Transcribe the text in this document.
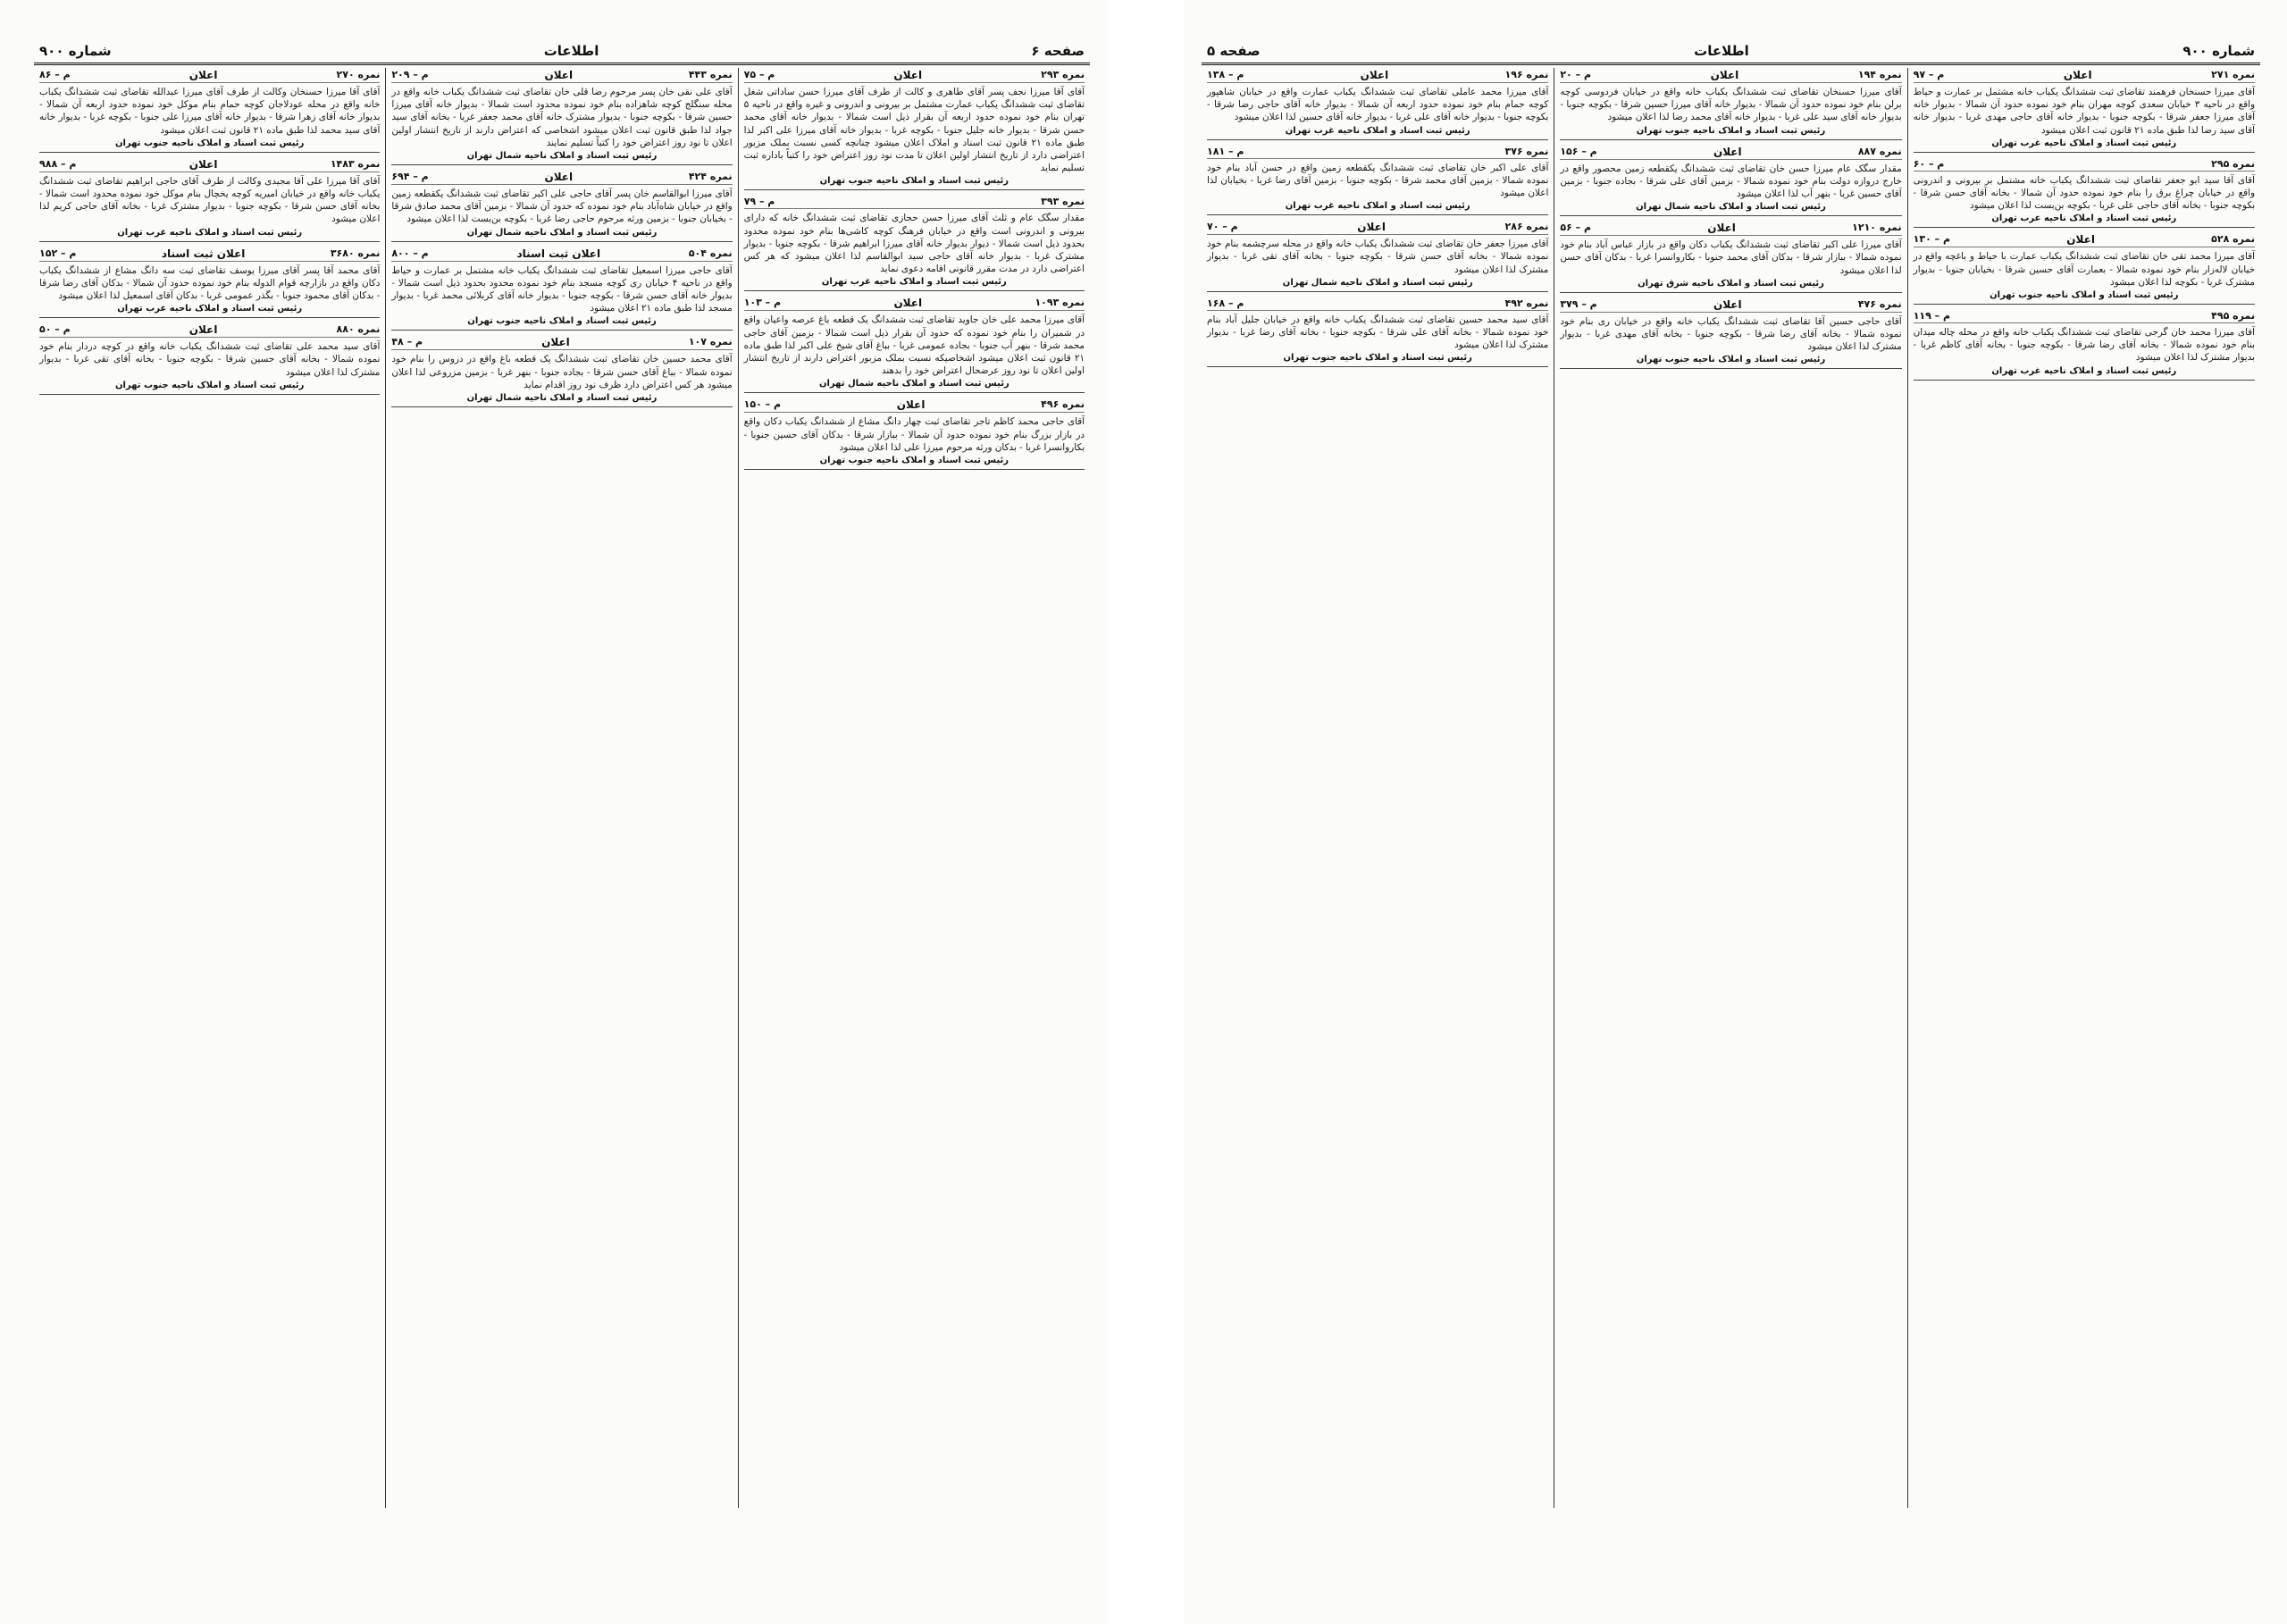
صفحه ۶
اطلاعات
شماره ۹۰۰
نمره ۲۹۳
اعلان
م – ۷۵
آقای آقا میرزا نجف پسر آقای طاهری و کالت از طرف آقای میرزا حسن ساداتی شغل تقاضای ثبت ششدانگ یکباب عمارت مشتمل بر بیرونی و اندرونی و غیره واقع در ناحیه ۵ تهران بنام خود نموده حدود اربعه آن بقرار ذیل است شمالا - بدیوار خانه آقای محمد حسن شرقا - بدیوار خانه جلیل جنوبا - بکوچه غربا - بدیوار خانه آقای میرزا علی اکبر لذا طبق ماده ۲۱ قانون ثبت اسناد و املاک اعلان میشود چنانچه کسی نسبت بملک مزبور اعتراضی دارد از تاریخ انتشار اولین اعلان تا مدت نود روز اعتراض خود را کتباً باداره ثبت تسلیم نماید
رئیس ثبت اسناد و املاک ناحیه جنوب تهران
نمره ۳۹۳
م – ۷۹
مقدار سگک عام و ثلث آقای میرزا حسن حجازی تقاضای ثبت ششدانگ خانه که دارای بیرونی و اندرونی است واقع در خیابان فرهنگ کوچه کاشی‌ها بنام خود نموده محدود بحدود ذیل است شمالا - دیوار بدیوار خانه آقای میرزا ابراهیم شرقا - بکوچه جنوبا - بدیوار مشترک غربا - بدیوار خانه آقای حاجی سید ابوالقاسم لذا اعلان میشود که هر کس اعتراضی دارد در مدت مقرر قانونی اقامه دعوی نماید
رئیس ثبت اسناد و املاک ناحیه غرب تهران
نمره ۱۰۹۳
اعلان
م – ۱۰۳
آقای میرزا محمد علی خان جاوید تقاضای ثبت ششدانگ یک قطعه باغ عرصه واعیان واقع در شمیران را بنام خود نموده که حدود آن بقرار ذیل است شمالا - بزمین آقای حاجی محمد شرقا - بنهر آب جنوبا - بجاده عمومی غربا - بباغ آقای شیخ علی اکبر لذا طبق ماده ۲۱ قانون ثبت اعلان میشود اشخاصیکه نسبت بملک مزبور اعتراض دارند از تاریخ انتشار اولین اعلان تا نود روز عرضحال اعتراض خود را بدهند
رئیس ثبت اسناد و املاک ناحیه شمال تهران
نمره ۴۹۶
اعلان
م – ۱۵۰
آقای حاجی محمد کاظم تاجر تقاضای ثبت چهار دانگ مشاع از ششدانگ یکباب دکان واقع در بازار بزرگ بنام خود نموده حدود آن شمالا - ببازار شرقا - بدکان آقای حسین جنوبا - بکاروانسرا غربا - بدکان ورثه مرحوم میرزا علی لذا اعلان میشود
رئیس ثبت اسناد و املاک ناحیه جنوب تهران
نمره ۴۴۳
اعلان
م – ۲۰۹
آقای علی نقی خان پسر مرحوم رضا قلی خان تقاضای ثبت ششدانگ یکباب خانه واقع در محله سنگلج کوچه شاهزاده بنام خود نموده محدود است شمالا - بدیوار خانه آقای میرزا حسین شرقا - بکوچه جنوبا - بدیوار مشترک خانه آقای محمد جعفر غربا - بخانه آقای سید جواد لذا طبق قانون ثبت اعلان میشود اشخاصی که اعتراض دارند از تاریخ انتشار اولین اعلان تا نود روز اعتراض خود را کتباً تسلیم نمایند
رئیس ثبت اسناد و املاک ناحیه شمال تهران
نمره ۴۲۴
اعلان
م – ۶۹۴
آقای میرزا ابوالقاسم خان پسر آقای حاجی علی اکبر تقاضای ثبت ششدانگ یکقطعه زمین واقع در خیابان شاه‌آباد بنام خود نموده که حدود آن شمالا - بزمین آقای محمد صادق شرقا - بخیابان جنوبا - بزمین ورثه مرحوم حاجی رضا غربا - بکوچه بن‌بست لذا اعلان میشود
رئیس ثبت اسناد و املاک ناحیه شمال تهران
نمره ۵۰۴
اعلان ثبت اسناد
م – ۸۰۰
آقای حاجی میرزا اسمعیل تقاضای ثبت ششدانگ یکباب خانه مشتمل بر عمارت و حیاط واقع در ناحیه ۴ خیابان ری کوچه مسجد بنام خود نموده محدود بحدود ذیل است شمالا - بدیوار خانه آقای حسن شرقا - بکوچه جنوبا - بدیوار خانه آقای کربلائی محمد غربا - بدیوار مسجد لذا طبق ماده ۲۱ اعلان میشود
رئیس ثبت اسناد و املاک ناحیه جنوب تهران
نمره ۱۰۷
اعلان
م – ۴۸
آقای محمد حسین خان تقاضای ثبت ششدانگ یک قطعه باغ واقع در دروس را بنام خود نموده شمالا - بباغ آقای حسن شرقا - بجاده جنوبا - بنهر غربا - بزمین مزروعی لذا اعلان میشود هر کس اعتراض دارد ظرف نود روز اقدام نماید
رئیس ثبت اسناد و املاک ناحیه شمال تهران
نمره ۲۷۰
اعلان
م – ۸۶
آقای آقا میرزا حسنخان وکالت از طرف آقای میرزا عبدالله تقاضای ثبت ششدانگ یکباب خانه واقع در محله عودلاجان کوچه حمام بنام موکل خود نموده حدود اربعه آن شمالا - بدیوار خانه آقای زهرا شرقا - بدیوار خانه آقای میرزا علی جنوبا - بکوچه غربا - بدیوار خانه آقای سید محمد لذا طبق ماده ۲۱ قانون ثبت اعلان میشود
رئیس ثبت اسناد و املاک ناحیه جنوب تهران
نمره ۱۴۸۳
اعلان
م – ۹۸۸
آقای آقا میرزا علی آقا مجیدی وکالت از طرف آقای حاجی ابراهیم تقاضای ثبت ششدانگ یکباب خانه واقع در خیابان امیریه کوچه یخچال بنام موکل خود نموده محدود است شمالا - بخانه آقای حسن شرقا - بکوچه جنوبا - بدیوار مشترک غربا - بخانه آقای حاجی کریم لذا اعلان میشود
رئیس ثبت اسناد و املاک ناحیه غرب تهران
نمره ۳۶۸۰
اعلان ثبت اسناد
م – ۱۵۲
آقای محمد آقا پسر آقای میرزا یوسف تقاضای ثبت سه دانگ مشاع از ششدانگ یکباب دکان واقع در بازارچه قوام الدوله بنام خود نموده حدود آن شمالا - بدکان آقای رضا شرقا - بدکان آقای محمود جنوبا - بگذر عمومی غربا - بدکان آقای اسمعیل لذا اعلان میشود
رئیس ثبت اسناد و املاک ناحیه عرب تهران
نمره ۸۸۰
اعلان
م – ۵۰
آقای سید محمد علی تقاضای ثبت ششدانگ یکباب خانه واقع در کوچه دردار بنام خود نموده شمالا - بخانه آقای حسین شرقا - بکوچه جنوبا - بخانه آقای تقی غربا - بدیوار مشترک لذا اعلان میشود
رئیس ثبت اسناد و املاک ناحیه جنوب تهران
شماره ۹۰۰
اطلاعات
صفحه ۵
نمره ۲۷۱
اعلان
م – ۹۷
آقای میرزا حسنخان فرهمند تقاضای ثبت ششدانگ یکباب خانه مشتمل بر عمارت و حیاط واقع در ناحیه ۳ خیابان سعدی کوچه مهران بنام خود نموده حدود آن شمالا - بدیوار خانه آقای میرزا جعفر شرقا - بکوچه جنوبا - بدیوار خانه آقای حاجی مهدی غربا - بدیوار خانه آقای سید رضا لذا طبق ماده ۲۱ قانون ثبت اعلان میشود
رئیس ثبت اسناد و املاک ناحیه غرب تهران
نمره ۲۹۵
م – ۶۰
آقای آقا سید ابو جعفر تقاضای ثبت ششدانگ یکباب خانه مشتمل بر بیرونی و اندرونی واقع در خیابان چراغ برق را بنام خود نموده حدود آن شمالا - بخانه آقای حسن شرقا - بکوچه جنوبا - بخانه آقای حاجی علی غربا - بکوچه بن‌بست لذا اعلان میشود
رئیس ثبت اسناد و املاک ناحیه عرب تهران
نمره ۵۲۸
اعلان
م – ۱۳۰
آقای میرزا محمد تقی خان تقاضای ثبت ششدانگ یکباب عمارت با حیاط و باغچه واقع در خیابان لاله‌زار بنام خود نموده شمالا - بعمارت آقای حسین شرقا - بخیابان جنوبا - بدیوار مشترک غربا - بکوچه لذا اعلان میشود
رئیس ثبت اسناد و املاک ناحیه جنوب تهران
نمره ۴۹۵
م – ۱۱۹
آقای میرزا محمد خان گرجی تقاضای ثبت ششدانگ یکباب خانه واقع در محله چاله میدان بنام خود نموده شمالا - بخانه آقای رضا شرقا - بکوچه جنوبا - بخانه آقای کاظم غربا - بدیوار مشترک لذا اعلان میشود
رئیس ثبت اسناد و املاک ناحیه غرب تهران
نمره ۱۹۴
اعلان
م – ۲۰
آقای میرزا حسنخان تقاضای ثبت ششدانگ یکباب خانه واقع در خیابان فردوسی کوچه برلن بنام خود نموده حدود آن شمالا - بدیوار خانه آقای میرزا حسین شرقا - بکوچه جنوبا - بدیوار خانه آقای سید علی غربا - بدیوار خانه آقای محمد رضا لذا اعلان میشود
رئیس ثبت اسناد و املاک ناحیه جنوب تهران
نمره ۸۸۷
اعلان
م – ۱۵۶
مقدار سگک عام میرزا حسن خان تقاضای ثبت ششدانگ یکقطعه زمین محصور واقع در خارج دروازه دولت بنام خود نموده شمالا - بزمین آقای علی شرقا - بجاده جنوبا - بزمین آقای حسین غربا - بنهر آب لذا اعلان میشود
رئیس ثبت اسناد و املاک ناحیه شمال تهران
نمره ۱۲۱۰
اعلان
م – ۵۶
آقای میرزا علی اکبر تقاضای ثبت ششدانگ یکباب دکان واقع در بازار عباس آباد بنام خود نموده شمالا - ببازار شرقا - بدکان آقای محمد جنوبا - بکاروانسرا غربا - بدکان آقای حسن لذا اعلان میشود
رئیس ثبت اسناد و املاک ناحیه شرق تهران
نمره ۴۷۶
اعلان
م – ۳۷۹
آقای حاجی حسین آقا تقاضای ثبت ششدانگ یکباب خانه واقع در خیابان ری بنام خود نموده شمالا - بخانه آقای رضا شرقا - بکوچه جنوبا - بخانه آقای مهدی غربا - بدیوار مشترک لذا اعلان میشود
رئیس ثبت اسناد و املاک ناحیه جنوب تهران
نمره ۱۹۶
اعلان
م – ۱۳۸
آقای میرزا محمد عاملی تقاضای ثبت ششدانگ یکباب عمارت واقع در خیابان شاهپور کوچه حمام بنام خود نموده حدود اربعه آن شمالا - بدیوار خانه آقای حاجی رضا شرقا - بکوچه جنوبا - بدیوار خانه آقای علی غربا - بدیوار خانه آقای حسین لذا اعلان میشود
رئیس ثبت اسناد و املاک ناحیه غرب تهران
نمره ۳۷۶
م – ۱۸۱
آقای علی اکبر خان تقاضای ثبت ششدانگ یکقطعه زمین واقع در حسن آباد بنام خود نموده شمالا - بزمین آقای محمد شرقا - بکوچه جنوبا - بزمین آقای رضا غربا - بخیابان لذا اعلان میشود
رئیس ثبت اسناد و املاک ناحیه غرب تهران
نمره ۲۸۶
اعلان
م – ۷۰
آقای میرزا جعفر خان تقاضای ثبت ششدانگ یکباب خانه واقع در محله سرچشمه بنام خود نموده شمالا - بخانه آقای حسن شرقا - بکوچه جنوبا - بخانه آقای تقی غربا - بدیوار مشترک لذا اعلان میشود
رئیس ثبت اسناد و املاک ناحیه شمال تهران
نمره ۴۹۲
م – ۱۶۸
آقای سید محمد حسین تقاضای ثبت ششدانگ یکباب خانه واقع در خیابان جلیل آباد بنام خود نموده شمالا - بخانه آقای علی شرقا - بکوچه جنوبا - بخانه آقای رضا غربا - بدیوار مشترک لذا اعلان میشود
رئیس ثبت اسناد و املاک ناحیه جنوب تهران
